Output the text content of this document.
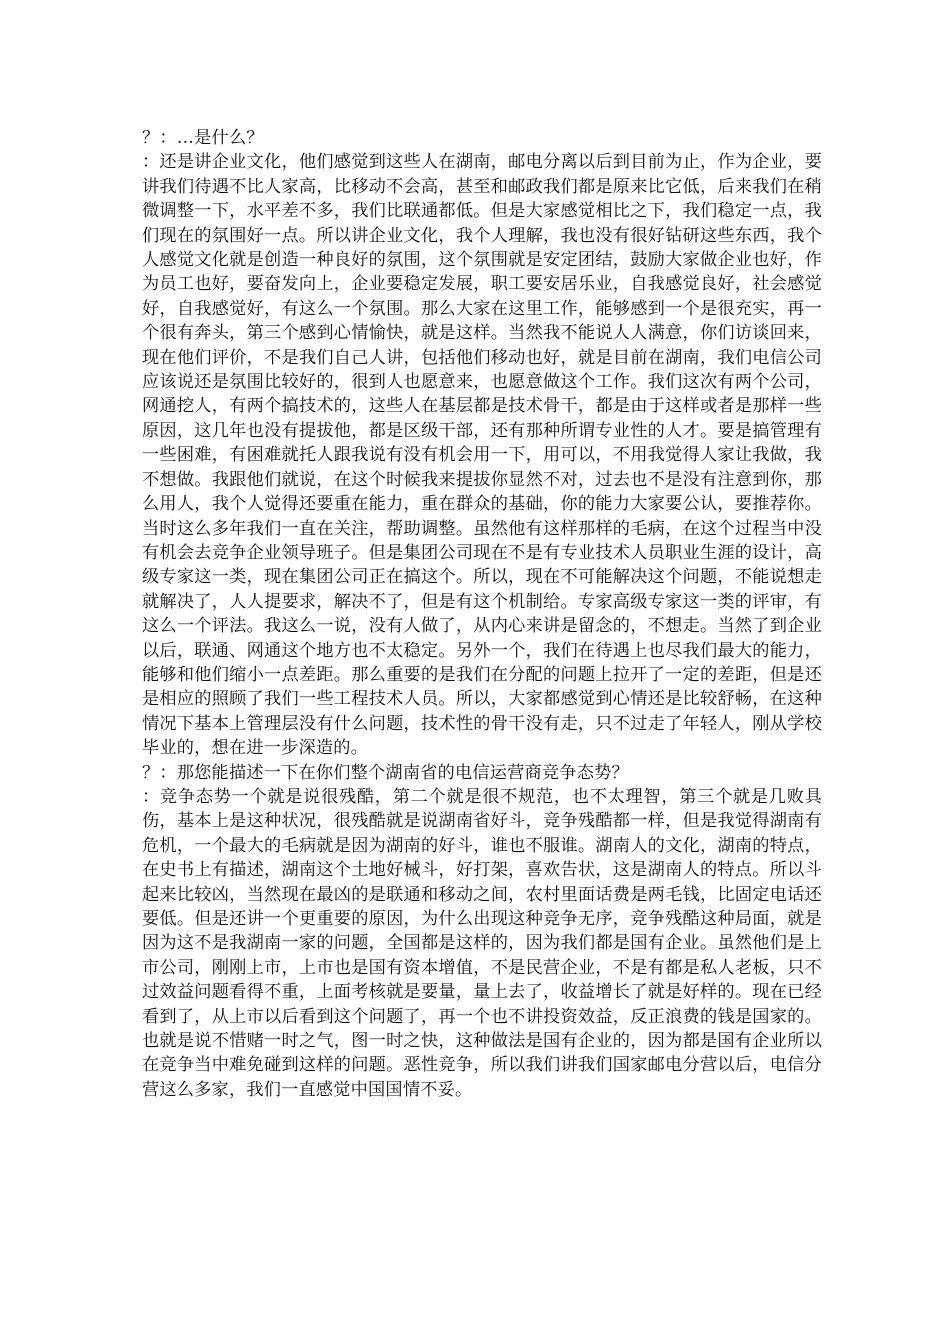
？：…是什么？

：还是讲企业文化，他们感觉到这些人在湖南，邮电分离以后到目前为止，作为企业，要讲我们待遇不比人家高，比移动不会高，甚至和邮政我们都是原来比它低，后来我们在稍微调整一下，水平差不多，我们比联通都低。但是大家感觉相比之下，我们稳定一点，我们现在的氛围好一点。所以讲企业文化，我个人理解，我也没有很好钻研这些东西，我个人感觉文化就是创造一种良好的氛围，这个氛围就是安定团结，鼓励大家做企业也好，作为员工也好，要奋发向上，企业要稳定发展，职工要安居乐业，自我感觉良好，社会感觉好，自我感觉好，有这么一个氛围。那么大家在这里工作，能够感到一个是很充实，再一个很有奔头，第三个感到心情愉快，就是这样。当然我不能说人人满意，你们访谈回来，现在他们评价，不是我们自己人讲，包括他们移动也好，就是目前在湖南，我们电信公司应该说还是氛围比较好的，很到人也愿意来，也愿意做这个工作。我们这次有两个公司，网通挖人，有两个搞技术的，这些人在基层都是技术骨干，都是由于这样或者是那样一些原因，这几年也没有提拔他，都是区级干部，还有那种所谓专业性的人才。要是搞管理有一些困难，有困难就托人跟我说有没有机会用一下，用可以，不用我觉得人家让我做，我不想做。我跟他们就说，在这个时候我来提拔你显然不对，过去也不是没有注意到你，那么用人，我个人觉得还要重在能力，重在群众的基础，你的能力大家要公认，要推荐你。当时这么多年我们一直在关注，帮助调整。虽然他有这样那样的毛病，在这个过程当中没有机会去竞争企业领导班子。但是集团公司现在不是有专业技术人员职业生涯的设计，高级专家这一类，现在集团公司正在搞这个。所以，现在不可能解决这个问题，不能说想走就解决了，人人提要求，解决不了，但是有这个机制给。专家高级专家这一类的评审，有这么一个评法。我这么一说，没有人做了，从内心来讲是留念的，不想走。当然了到企业以后，联通、网通这个地方也不太稳定。另外一个，我们在待遇上也尽我们最大的能力，能够和他们缩小一点差距。那么重要的是我们在分配的问题上拉开了一定的差距，但是还是相应的照顾了我们一些工程技术人员。所以，大家都感觉到心情还是比较舒畅，在这种情况下基本上管理层没有什么问题，技术性的骨干没有走，只不过走了年轻人，刚从学校毕业的，想在进一步深造的。

？：那您能描述一下在你们整个湖南省的电信运营商竞争态势？

：竞争态势一个就是说很残酷，第二个就是很不规范，也不太理智，第三个就是几败具伤，基本上是这种状况，很残酷就是说湖南省好斗，竞争残酷都一样，但是我觉得湖南有危机，一个最大的毛病就是因为湖南的好斗，谁也不服谁。湖南人的文化，湖南的特点，在史书上有描述，湖南这个土地好械斗，好打架，喜欢告状，这是湖南人的特点。所以斗起来比较凶，当然现在最凶的是联通和移动之间，农村里面话费是两毛钱，比固定电话还要低。但是还讲一个更重要的原因，为什么出现这种竞争无序，竞争残酷这种局面，就是因为这不是我湖南一家的问题，全国都是这样的，因为我们都是国有企业。虽然他们是上市公司，刚刚上市，上市也是国有资本增值，不是民营企业，不是有都是私人老板，只不过效益问题看得不重，上面考核就是要量，量上去了，收益增长了就是好样的。现在已经看到了，从上市以后看到这个问题了，再一个也不讲投资效益，反正浪费的钱是国家的。也就是说不惜赌一时之气，图一时之快，这种做法是国有企业的，因为都是国有企业所以在竞争当中难免碰到这样的问题。恶性竞争，所以我们讲我们国家邮电分营以后，电信分营这么多家，我们一直感觉中国国情不妥。
